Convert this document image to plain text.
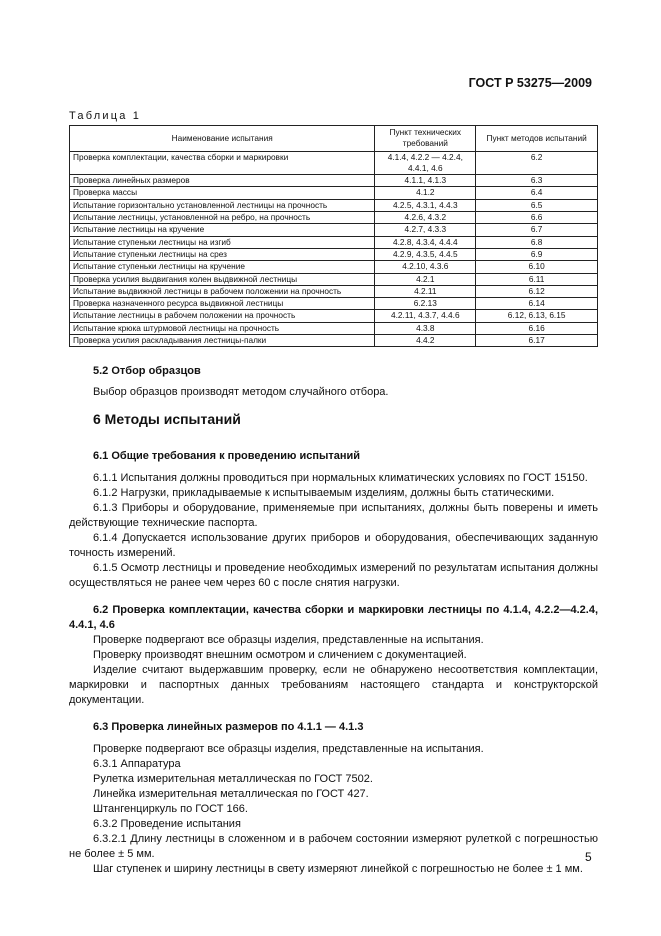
ГОСТ Р 53275—2009
Таблица 1
Наименование испытания	Пункт технических требований	Пункт методов испытаний
Проверка комплектации, качества сборки и маркировки	4.1.4, 4.2.2 — 4.2.4, 4.4.1, 4.6	6.2
Проверка линейных размеров	4.1.1, 4.1.3	6.3
Проверка массы	4.1.2	6.4
Испытание горизонтально установленной лестницы на прочность	4.2.5, 4.3.1, 4.4.3	6.5
Испытание лестницы, установленной на ребро, на прочность	4.2.6, 4.3.2	6.6
Испытание лестницы на кручение	4.2.7, 4.3.3	6.7
Испытание ступеньки лестницы на изгиб	4.2.8, 4.3.4, 4.4.4	6.8
Испытание ступеньки лестницы на срез	4.2.9, 4.3.5, 4.4.5	6.9
Испытание ступеньки лестницы на кручение	4.2.10, 4.3.6	6.10
Проверка усилия выдвигания колен выдвижной лестницы	4.2.1	6.11
Испытание выдвижной лестницы в рабочем положении на прочность	4.2.11	6.12
Проверка назначенного ресурса выдвижной лестницы	6.2.13	6.14
Испытание лестницы в рабочем положении на прочность	4.2.11, 4.3.7, 4.4.6	6.12, 6.13, 6.15
Испытание крюка штурмовой лестницы на прочность	4.3.8	6.16
Проверка усилия раскладывания лестницы-палки	4.4.2	6.17

5.2 Отбор образцов

Выбор образцов производят методом случайного отбора.

6 Методы испытаний

6.1 Общие требования к проведению испытаний

6.1.1 Испытания должны проводиться при нормальных климатических условиях по ГОСТ 15150.

6.1.2 Нагрузки, прикладываемые к испытываемым изделиям, должны быть статическими.

6.1.3 Приборы и оборудование, применяемые при испытаниях, должны быть поверены и иметь действующие технические паспорта.

6.1.4 Допускается использование других приборов и оборудования, обеспечивающих заданную точность измерений.

6.1.5 Осмотр лестницы и проведение необходимых измерений по результатам испытания должны осуществляться не ранее чем через 60 с после снятия нагрузки.

6.2 Проверка комплектации, качества сборки и маркировки лестницы по 4.1.4, 4.2.2—4.2.4, 4.4.1, 4.6

Проверке подвергают все образцы изделия, представленные на испытания.

Проверку производят внешним осмотром и сличением с документацией.

Изделие считают выдержавшим проверку, если не обнаружено несоответствия комплектации, маркировки и паспортных данных требованиям настоящего стандарта и конструкторской документации.

6.3 Проверка линейных размеров по 4.1.1 — 4.1.3

Проверке подвергают все образцы изделия, представленные на испытания.

6.3.1 Аппаратура

Рулетка измерительная металлическая по ГОСТ 7502.

Линейка измерительная металлическая по ГОСТ 427.

Штангенциркуль по ГОСТ 166.

6.3.2 Проведение испытания

6.3.2.1 Длину лестницы в сложенном и в рабочем состоянии измеряют рулеткой с погрешностью не более ± 5 мм.

Шаг ступенек и ширину лестницы в свету измеряют линейкой с погрешностью не более ± 1 мм.

5
